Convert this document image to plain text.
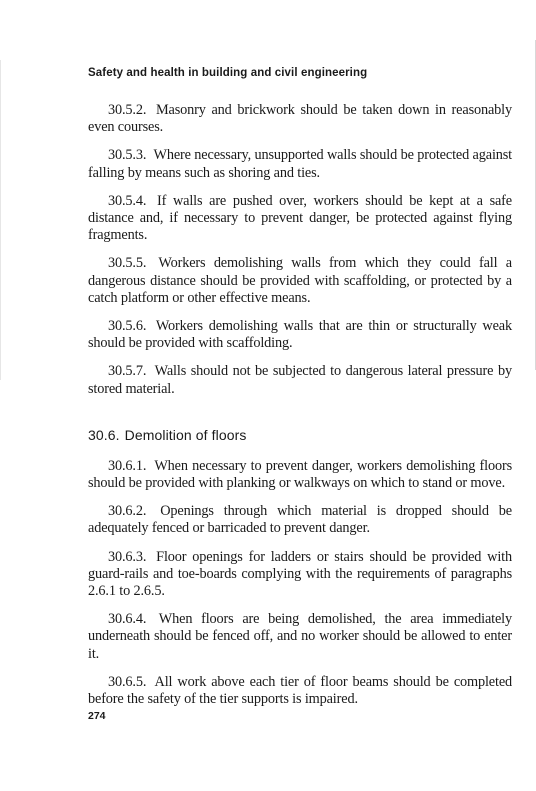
Safety and health in building and civil engineering

30.5.2. Masonry and brickwork should be taken down in reasonably even courses.

30.5.3. Where necessary, unsupported walls should be protected against falling by means such as shoring and ties.

30.5.4. If walls are pushed over, workers should be kept at a safe distance and, if necessary to prevent danger, be protected against flying fragments.

30.5.5. Workers demolishing walls from which they could fall a dangerous distance should be provided with scaffolding, or protected by a catch platform or other effective means.

30.5.6. Workers demolishing walls that are thin or structurally weak should be provided with scaffolding.

30.5.7. Walls should not be subjected to dangerous lateral pressure by stored material.

30.6. Demolition of floors

30.6.1. When necessary to prevent danger, workers demolishing floors should be provided with planking or walkways on which to stand or move.

30.6.2. Openings through which material is dropped should be adequately fenced or barricaded to prevent danger.

30.6.3. Floor openings for ladders or stairs should be provided with guard-rails and toe-boards complying with the requirements of paragraphs 2.6.1 to 2.6.5.

30.6.4. When floors are being demolished, the area immediately underneath should be fenced off, and no worker should be allowed to enter it.

30.6.5. All work above each tier of floor beams should be completed before the safety of the tier supports is impaired.

274
